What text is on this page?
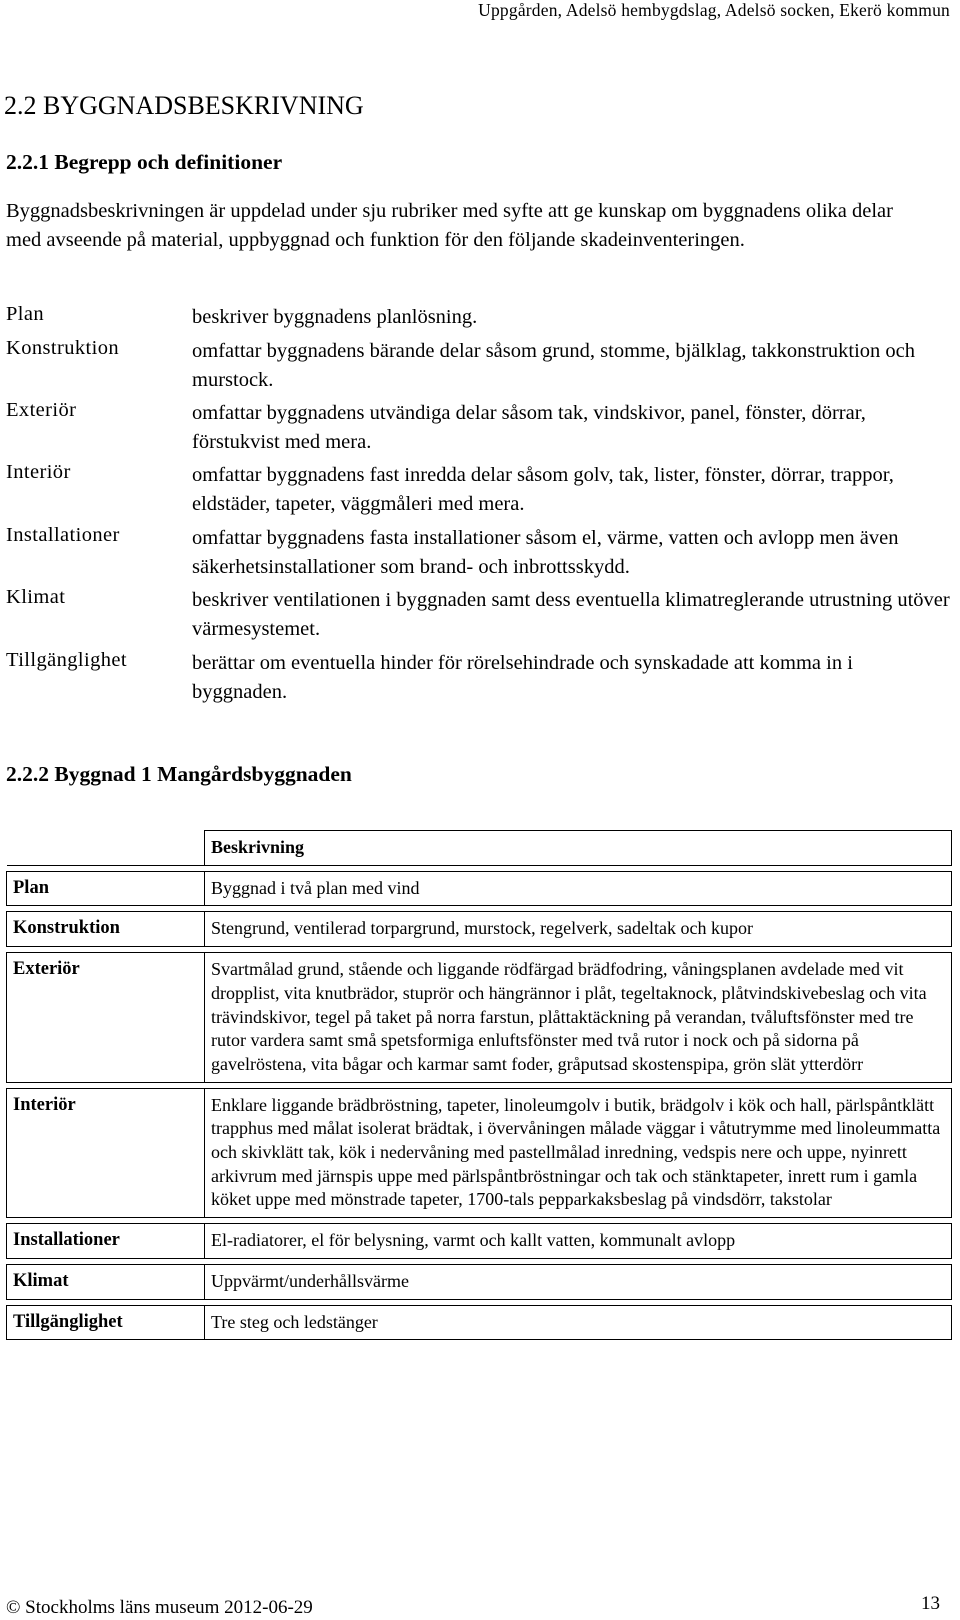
Uppgården, Adelsö hembygdslag, Adelsö socken, Ekerö kommun
2.2 BYGGNADSBESKRIVNING
2.2.1 Begrepp och definitioner
Byggnadsbeskrivningen är uppdelad under sju rubriker med syfte att ge kunskap om byggnadens olika delar med avseende på material, uppbyggnad och funktion för den följande skadeinventeringen.
Plan	beskriver byggnadens planlösning.
Konstruktion	omfattar byggnadens bärande delar såsom grund, stomme, bjälklag, takkonstruktion och murstock.
Exteriör	omfattar byggnadens utvändiga delar såsom tak, vindskivor, panel, fönster, dörrar, förstukvist med mera.
Interiör	omfattar byggnadens fast inredda delar såsom golv, tak, lister, fönster, dörrar, trappor, eldstäder, tapeter, väggmåleri med mera.
Installationer	omfattar byggnadens fasta installationer såsom el, värme, vatten och avlopp men även säkerhetsinstallationer som brand- och inbrottsskydd.
Klimat	beskriver ventilationen i byggnaden samt dess eventuella klimatreglerande utrustning utöver värmesystemet.
Tillgänglighet	berättar om eventuella hinder för rörelsehindrade och synskadade att komma in i byggnaden.
2.2.2 Byggnad 1 Mangårdsbyggnaden
	Beskrivning

Plan	Byggnad i två plan med vind

Konstruktion	Stengrund, ventilerad torpargrund, murstock, regelverk, sadeltak och kupor

Exteriör	Svartmålad grund, stående och liggande rödfärgad brädfodring, våningsplanen avdelade med vit dropplist, vita knutbrädor, stuprör och hängrännor i plåt, tegeltaknock, plåtvindskivebeslag och vita trävindskivor, tegel på taket på norra farstun, plåttaktäckning på verandan, tvåluftsfönster med tre rutor vardera samt små spetsformiga enluftsfönster med två rutor i nock och på sidorna på gavelröstena, vita bågar och karmar samt foder, gråputsad skostenspipa, grön slät ytterdörr

Interiör	Enklare liggande brädbröstning, tapeter, linoleumgolv i butik, brädgolv i kök och hall, pärlspåntklätt trapphus med målat isolerat brädtak, i övervåningen målade väggar i våtutrymme med linoleummatta och skivklätt tak, kök i nedervåning med pastellmålad inredning, vedspis nere och uppe, nyinrett arkivrum med järnspis uppe med pärlspåntbröstningar och tak och stänktapeter, inrett rum i gamla köket uppe med mönstrade tapeter, 1700-tals pepparkaksbeslag på vindsdörr, takstolar

Installationer	El-radiatorer, el för belysning, varmt och kallt vatten, kommunalt avlopp

Klimat	Uppvärmt/underhållsvärme

Tillgänglighet	Tre steg och ledstänger
© Stockholms läns museum 2012-06-29	13
